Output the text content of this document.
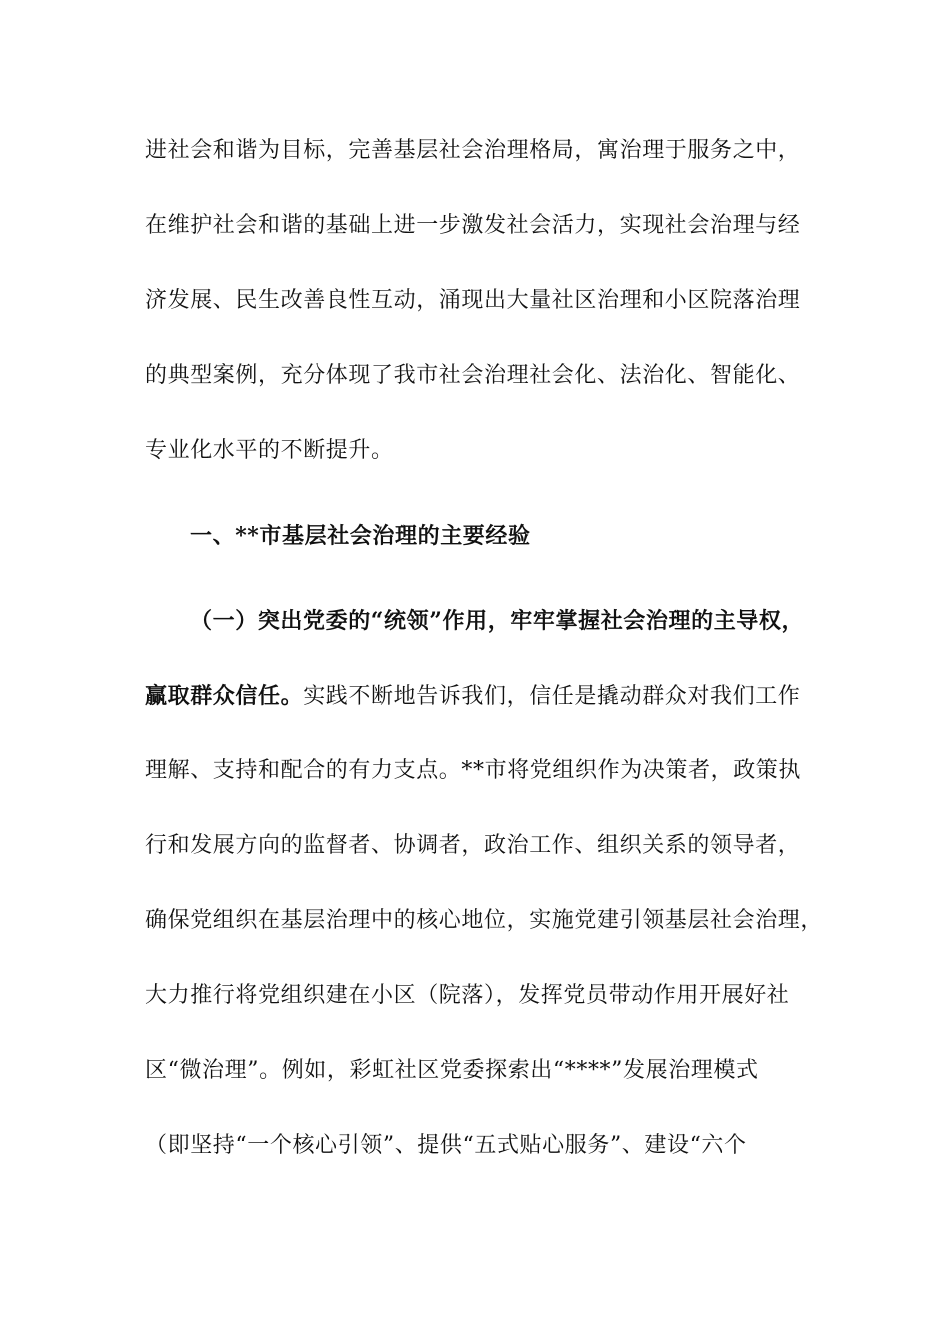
进社会和谐为目标，完善基层社会治理格局，寓治理于服务之中，
在维护社会和谐的基础上进一步激发社会活力，实现社会治理与经
济发展、民生改善良性互动，涌现出大量社区治理和小区院落治理
的典型案例，充分体现了我市社会治理社会化、法治化、智能化、
专业化水平的不断提升。
一、**市基层社会治理的主要经验
（一）突出党委的“统领”作用，牢牢掌握社会治理的主导权，
赢取群众信任。实践不断地告诉我们，信任是撬动群众对我们工作
理解、支持和配合的有力支点。**市将党组织作为决策者，政策执
行和发展方向的监督者、协调者，政治工作、组织关系的领导者，
确保党组织在基层治理中的核心地位，实施党建引领基层社会治理，
大力推行将党组织建在小区（院落），发挥党员带动作用开展好社
区“微治理”。例如，彩虹社区党委探索出“****”发展治理模式
（即坚持“一个核心引领”、提供“五式贴心服务”、建设“六个
